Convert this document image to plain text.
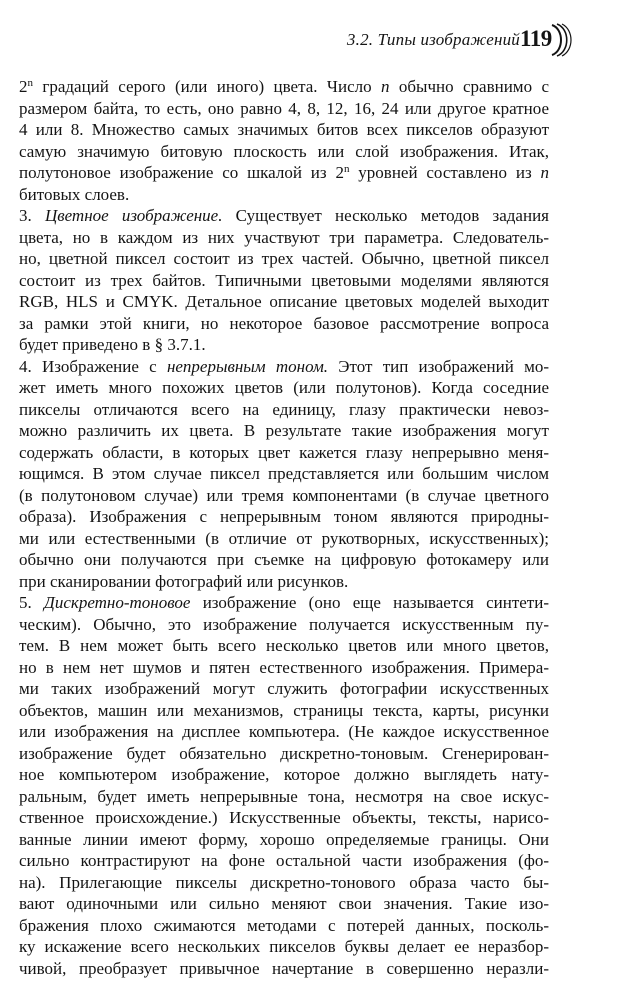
3.2. Типы изображений 119
2$^n$ градаций серого (или иного) цвета. Число n обычно сравнимо с
размером байта, то есть, оно равно 4, 8, 12, 16, 24 или другое кратное
4 или 8. Множество самых значимых битов всех пикселов образуют
самую значимую битовую плоскость или слой изображения. Итак,
полутоновое изображение со шкалой из 2$^n$ уровней составлено из n
битовых слоев.
3. Цветное изображение. Существует несколько методов задания
цвета, но в каждом из них участвуют три параметра. Следователь-
но, цветной пиксел состоит из трех частей. Обычно, цветной пиксел
состоит из трех байтов. Типичными цветовыми моделями являются
RGB, HLS и CMYK. Детальное описание цветовых моделей выходит
за рамки этой книги, но некоторое базовое рассмотрение вопроса
будет приведено в § 3.7.1.
4. Изображение с непрерывным тоном. Этот тип изображений мо-
жет иметь много похожих цветов (или полутонов). Когда соседние
пикселы отличаются всего на единицу, глазу практически невоз-
можно различить их цвета. В результате такие изображения могут
содержать области, в которых цвет кажется глазу непрерывно меня-
ющимся. В этом случае пиксел представляется или большим числом
(в полутоновом случае) или тремя компонентами (в случае цветного
образа). Изображения с непрерывным тоном являются природны-
ми или естественными (в отличие от рукотворных, искусственных);
обычно они получаются при съемке на цифровую фотокамеру или
при сканировании фотографий или рисунков.
5. Дискретно-тоновое изображение (оно еще называется синтети-
ческим). Обычно, это изображение получается искусственным пу-
тем. В нем может быть всего несколько цветов или много цветов,
но в нем нет шумов и пятен естественного изображения. Примера-
ми таких изображений могут служить фотографии искусственных
объектов, машин или механизмов, страницы текста, карты, рисунки
или изображения на дисплее компьютера. (Не каждое искусственное
изображение будет обязательно дискретно-тоновым. Сгенерирован-
ное компьютером изображение, которое должно выглядеть нату-
ральным, будет иметь непрерывные тона, несмотря на свое искус-
ственное происхождение.) Искусственные объекты, тексты, нарисо-
ванные линии имеют форму, хорошо определяемые границы. Они
сильно контрастируют на фоне остальной части изображения (фо-
на). Прилегающие пикселы дискретно-тонового образа часто бы-
вают одиночными или сильно меняют свои значения. Такие изо-
бражения плохо сжимаются методами с потерей данных, посколь-
ку искажение всего нескольких пикселов буквы делает ее неразбор-
чивой, преобразует привычное начертание в совершенно неразли-
